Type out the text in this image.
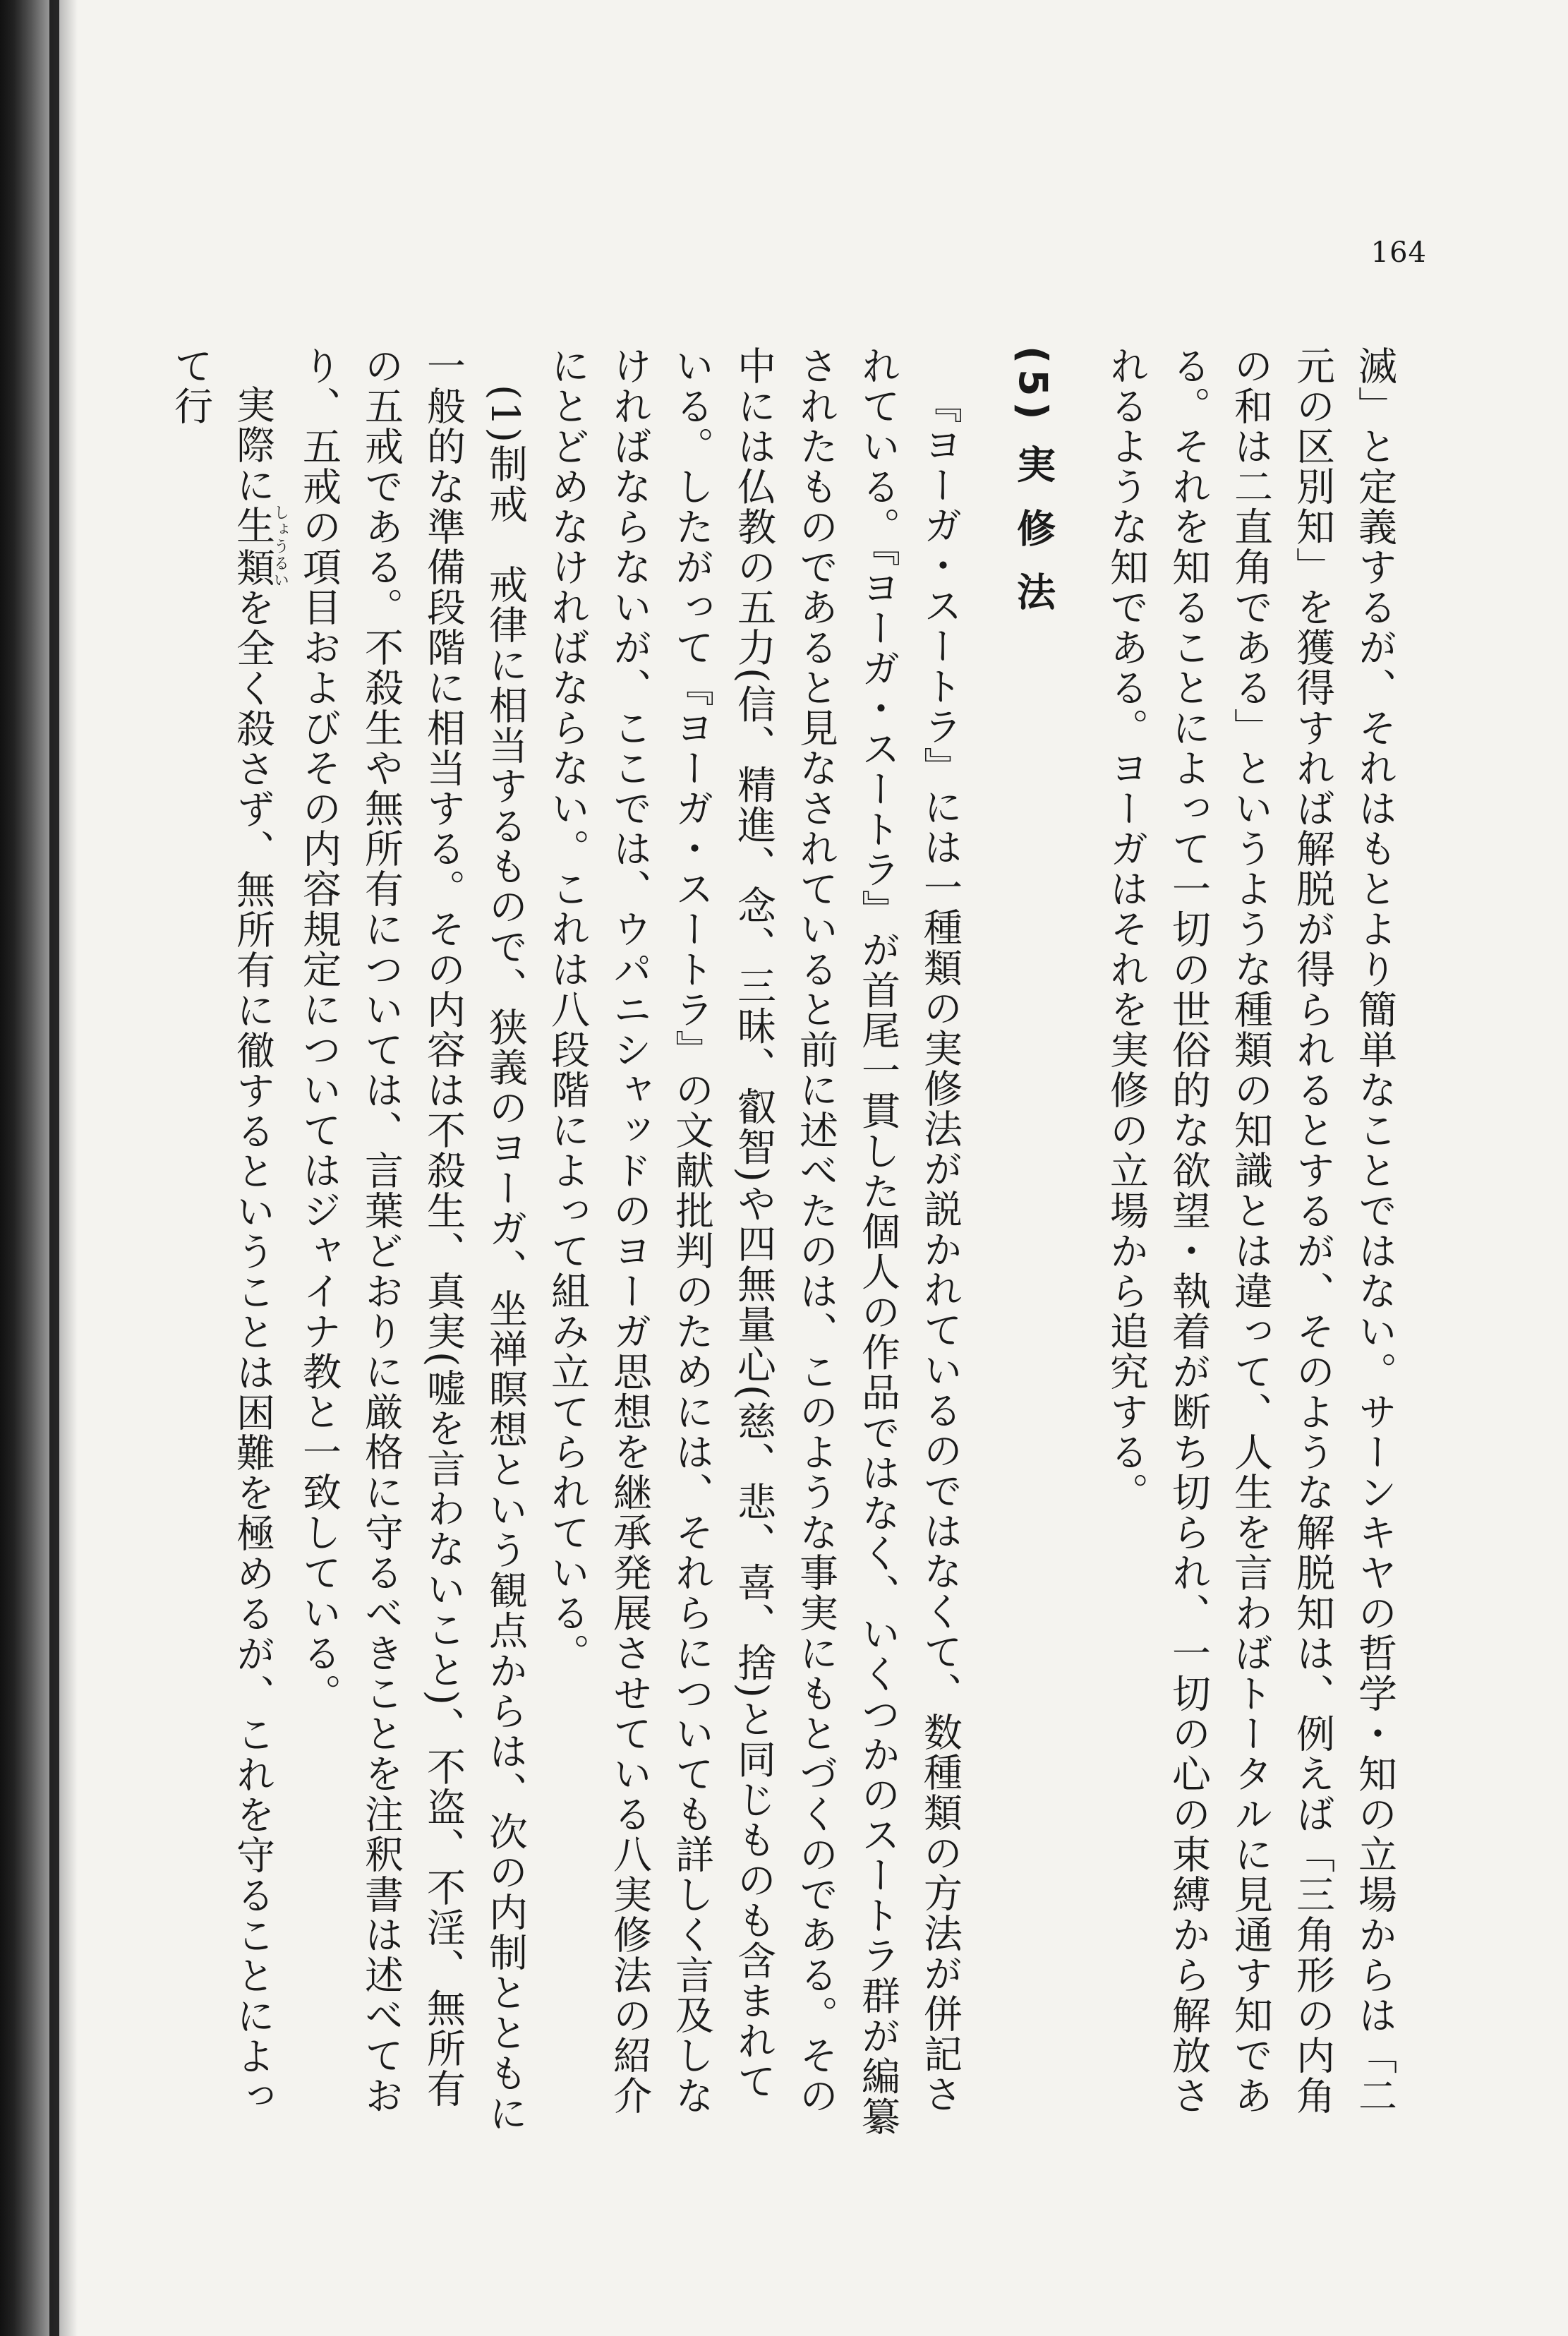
164

滅」と定義するが、それはもとより簡単なことではない。サーンキヤの哲学・知の立場からは「二元の区別知」を獲得すれば解脱が得られるとするが、そのような解脱知は、例えば「三角形の内角の和は二直角である」というような種類の知識とは違って、人生を言わばトータルに見通す知である。それを知ることによって一切の世俗的な欲望・執着が断ち切られ、一切の心の束縛から解放されるような知である。ヨーガはそれを実修の立場から追究する。

(5) 実 修 法

『ヨーガ・スートラ』には一種類の実修法が説かれているのではなくて、数種類の方法が併記されている。『ヨーガ・スートラ』が首尾一貫した個人の作品ではなく、いくつかのスートラ群が編纂されたものであると見なされていると前に述べたのは、このような事実にもとづくのである。その中には仏教の五力(信、精進、念、三昧、叡智)や四無量心(慈、悲、喜、捨)と同じものも含まれている。したがって『ヨーガ・スートラ』の文献批判のためには、それらについても詳しく言及しなければならないが、ここでは、ウパニシャッドのヨーガ思想を継承発展させている八実修法の紹介にとどめなければならない。これは八段階によって組み立てられている。

(1)制戒　戒律に相当するもので、狭義のヨーガ、坐禅瞑想という観点からは、次の内制とともに一般的な準備段階に相当する。その内容は不殺生、真実(嘘を言わないこと)、不盗、不淫、無所有の五戒である。不殺生や無所有については、言葉どおりに厳格に守るべきことを注釈書は述べており、五戒の項目およびその内容規定についてはジャイナ教と一致している。

実際に生類しょうるいを全く殺さず、無所有に徹するということは困難を極めるが、これを守ることによって行
